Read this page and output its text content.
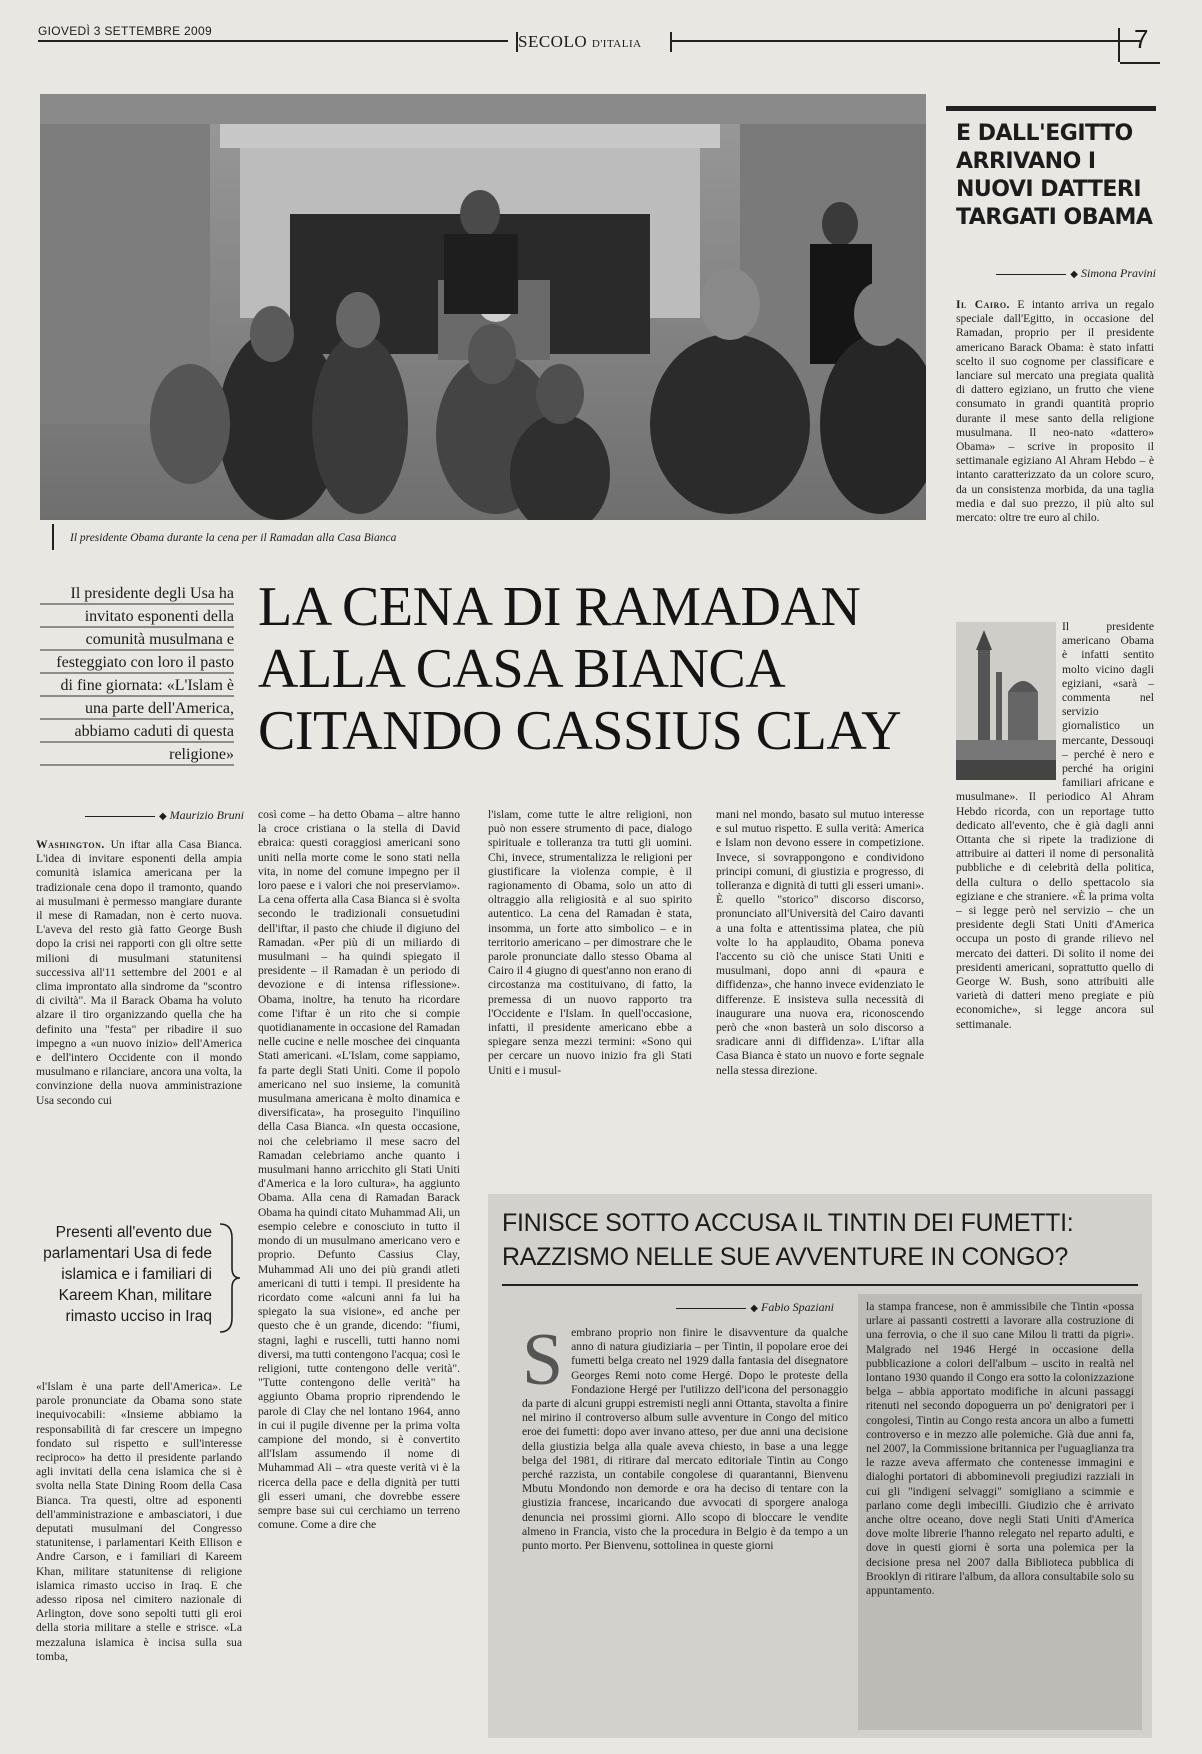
GIOVEDÌ 3 SETTEMBRE 2009
SECOLO D'ITALIA	7
Il presidente Obama durante la cena per il Ramadan alla Casa Bianca
Il presidente degli Usa ha invitato esponenti della comunità musulmana e festeggiato con loro il pasto di fine giornata: «L'Islam è una parte dell'America, abbiamo caduti di questa religione»
LA CENA DI RAMADAN ALLA CASA BIANCA CITANDO CASSIUS CLAY
◆ Maurizio Bruni

Washington. Un iftar alla Casa Bianca. L'idea di invitare esponenti della ampia comunità islamica americana per la tradizionale cena dopo il tramonto, quando ai musulmani è permesso mangiare durante il mese di Ramadan, non è certo nuova. L'aveva del resto già fatto George Bush dopo la crisi nei rapporti con gli oltre sette milioni di musulmani statunitensi successiva all'11 settembre del 2001 e al clima improntato alla sindrome da "scontro di civiltà". Ma il Barack Obama ha voluto alzare il tiro organizzando quella che ha definito una "festa" per ribadire il suo impegno a «un nuovo inizio» dell'America e dell'intero Occidente con il mondo musulmano e rilanciare, ancora una volta, la convinzione della nuova amministrazione Usa secondo cui

Presenti all'evento due parlamentari Usa di fede islamica e i familiari di Kareem Khan, militare rimasto ucciso in Iraq

«l'Islam è una parte dell'America». Le parole pronunciate da Obama sono state inequivocabili: «Insieme abbiamo la responsabilità di far crescere un impegno fondato sul rispetto e sull'interesse reciproco» ha detto il presidente parlando agli invitati della cena islamica che si è svolta nella State Dining Room della Casa Bianca. Tra questi, oltre ad esponenti dell'amministrazione e ambasciatori, i due deputati musulmani del Congresso statunitense, i parlamentari Keith Ellison e Andre Carson, e i familiari di Kareem Khan, militare statunitense di religione islamica rimasto ucciso in Iraq. E che adesso riposa nel cimitero nazionale di Arlington, dove sono sepolti tutti gli eroi della storia militare a stelle e strisce. «La mezzaluna islamica è incisa sulla sua tomba,

così come – ha detto Obama – altre hanno la croce cristiana o la stella di David ebraica: questi coraggiosi americani sono uniti nella morte come le sono stati nella vita, in nome del comune impegno per il loro paese e i valori che noi preserviamo». La cena offerta alla Casa Bianca si è svolta secondo le tradizionali consuetudini dell'iftar, il pasto che chiude il digiuno del Ramadan. «Per più di un miliardo di musulmani – ha quindi spiegato il presidente – il Ramadan è un periodo di devozione e di intensa riflessione». Obama, inoltre, ha tenuto ha ricordare come l'iftar è un rito che si compie quotidianamente in occasione del Ramadan nelle cucine e nelle moschee dei cinquanta Stati americani. «L'Islam, come sappiamo, fa parte degli Stati Uniti. Come il popolo americano nel suo insieme, la comunità musulmana americana è molto dinamica e diversificata», ha proseguito l'inquilino della Casa Bianca. «In questa occasione, noi che celebriamo il mese sacro del Ramadan celebriamo anche quanto i musulmani hanno arricchito gli Stati Uniti d'America e la loro cultura», ha aggiunto Obama. Alla cena di Ramadan Barack Obama ha quindi citato Muhammad Ali, un esempio celebre e conosciuto in tutto il mondo di un musulmano americano vero e proprio. Defunto Cassius Clay, Muhammad Ali uno dei più grandi atleti americani di tutti i tempi. Il presidente ha ricordato come «alcuni anni fa lui ha spiegato la sua visione», ed anche per questo che è un grande, dicendo: "fiumi, stagni, laghi e ruscelli, tutti hanno nomi diversi, ma tutti contengono l'acqua; così le religioni, tutte contengono delle verità". "Tutte contengono delle verità" ha aggiunto Obama proprio riprendendo le parole di Clay che nel lontano 1964, anno in cui il pugile divenne per la prima volta campione del mondo, si è convertito all'Islam assumendo il nome di Muhammad Ali – «tra queste verità vi è la ricerca della pace e della dignità per tutti gli esseri umani, che dovrebbe essere sempre base sui cui cerchiamo un terreno comune. Come a dire che

l'islam, come tutte le altre religioni, non può non essere strumento di pace, dialogo spirituale e tolleranza tra tutti gli uomini. Chi, invece, strumentalizza le religioni per giustificare la violenza compie, è il ragionamento di Obama, solo un atto di oltraggio alla religiosità e al suo spirito autentico. La cena del Ramadan è stata, insomma, un forte atto simbolico – e in territorio americano – per dimostrare che le parole pronunciate dallo stesso Obama al Cairo il 4 giugno di quest'anno non erano di circostanza ma costituivano, di fatto, la premessa di un nuovo rapporto tra l'Occidente e l'Islam. In quell'occasione, infatti, il presidente americano ebbe a spiegare senza mezzi termini: «Sono qui per cercare un nuovo inizio fra gli Stati Uniti e i musul-

mani nel mondo, basato sul mutuo interesse e sul mutuo rispetto. E sulla verità: America e Islam non devono essere in competizione. Invece, si sovrappongono e condividono principi comuni, di giustizia e progresso, di tolleranza e dignità di tutti gli esseri umani». È quello "storico" discorso discorso, pronunciato all'Università del Cairo davanti a una folta e attentissima platea, che più volte lo ha applaudito, Obama poneva l'accento su ciò che unisce Stati Uniti e musulmani, dopo anni di «paura e diffidenza», che hanno invece evidenziato le differenze. E insisteva sulla necessità di inaugurare una nuova era, riconoscendo però che «non basterà un solo discorso a sradicare anni di diffidenza». L'iftar alla Casa Bianca è stato un nuovo e forte segnale nella stessa direzione.

E DALL'EGITTO ARRIVANO I NUOVI DATTERI TARGATI OBAMA
◆ Simona Pravini

Il Cairo. E intanto arriva un regalo speciale dall'Egitto, in occasione del Ramadan, proprio per il presidente americano Barack Obama: è stato infatti scelto il suo cognome per classificare e lanciare sul mercato una pregiata qualità di dattero egiziano, un frutto che viene consumato in grandi quantità proprio durante il mese santo della religione musulmana. Il neo-nato «dattero» Obama» – scrive in proposito il settimanale egiziano Al Ahram Hebdo – è intanto caratterizzato da un colore scuro, da un consistenza morbida, da una taglia media e dal suo prezzo, il più alto sul mercato: oltre tre euro al chilo.

Il presidente americano Obama è infatti sentito molto vicino dagli egiziani, «sarà – commenta nel servizio giornalistico un mercante, Dessouqi – perché è nero e perché ha origini familiari africane e musulmane». Il periodico Al Ahram Hebdo ricorda, con un reportage tutto dedicato all'evento, che è già dagli anni Ottanta che si ripete la tradizione di attribuire ai datteri il nome di personalità pubbliche e di celebrità della politica, della cultura o dello spettacolo sia egiziane e che straniere. «È la prima volta – si legge però nel servizio – che un presidente degli Stati Uniti d'America occupa un posto di grande rilievo nel mercato dei datteri. Di solito il nome dei presidenti americani, soprattutto quello di George W. Bush, sono attribuiti alle varietà di datteri meno pregiate e più economiche», si legge ancora sul settimanale.

FINISCE SOTTO ACCUSA IL TINTIN DEI FUMETTI:
RAZZISMO NELLE SUE AVVENTURE IN CONGO?
◆ Fabio Spaziani
S embrano proprio non finire le disavventure da qualche anno di natura giudiziaria – per Tintin, il popolare eroe dei fumetti belga creato nel 1929 dalla fantasia del disegnatore Georges Remi noto come Hergé. Dopo le proteste della Fondazione Hergé per l'utilizzo dell'icona del personaggio da parte di alcuni gruppi estremisti negli anni Ottanta, stavolta a finire nel mirino il controverso album sulle avventure in Congo del mitico eroe dei fumetti: dopo aver invano atteso, per due anni una decisione della giustizia belga alla quale aveva chiesto, in base a una legge belga del 1981, di ritirare dal mercato editoriale Tintin au Congo perché razzista, un contabile congolese di quarantanni, Bienvenu Mbutu Mondondo non demorde e ora ha deciso di tentare con la giustizia francese, incaricando due avvocati di sporgere analoga denuncia nei prossimi giorni. Allo scopo di bloccare le vendite almeno in Francia, visto che la procedura in Belgio è da tempo a un punto morto. Per Bienvenu, sottolinea in queste giorni

la stampa francese, non è ammissibile che Tintin «possa urlare ai passanti costretti a lavorare alla costruzione di una ferrovia, o che il suo cane Milou li tratti da pigri». Malgrado nel 1946 Hergé in occasione della pubblicazione a colori dell'album – uscito in realtà nel lontano 1930 quando il Congo era sotto la colonizzazione belga – abbia apportato modifiche in alcuni passaggi ritenuti nel secondo dopoguerra un po' denigratori per i congolesi, Tintin au Congo resta ancora un albo a fumetti controverso e in mezzo alle polemiche. Già due anni fa, nel 2007, la Commissione britannica per l'uguaglianza tra le razze aveva affermato che contenesse immagini e dialoghi portatori di abbominevoli pregiudizi razziali in cui gli "indigeni selvaggi" somigliano a scimmie e parlano come degli imbecilli. Giudizio che è arrivato anche oltre oceano, dove negli Stati Uniti d'America dove molte librerie l'hanno relegato nel reparto adulti, e dove in questi giorni è sorta una polemica per la decisione presa nel 2007 dalla Biblioteca pubblica di Brooklyn di ritirare l'album, da allora consultabile solo su appuntamento.
